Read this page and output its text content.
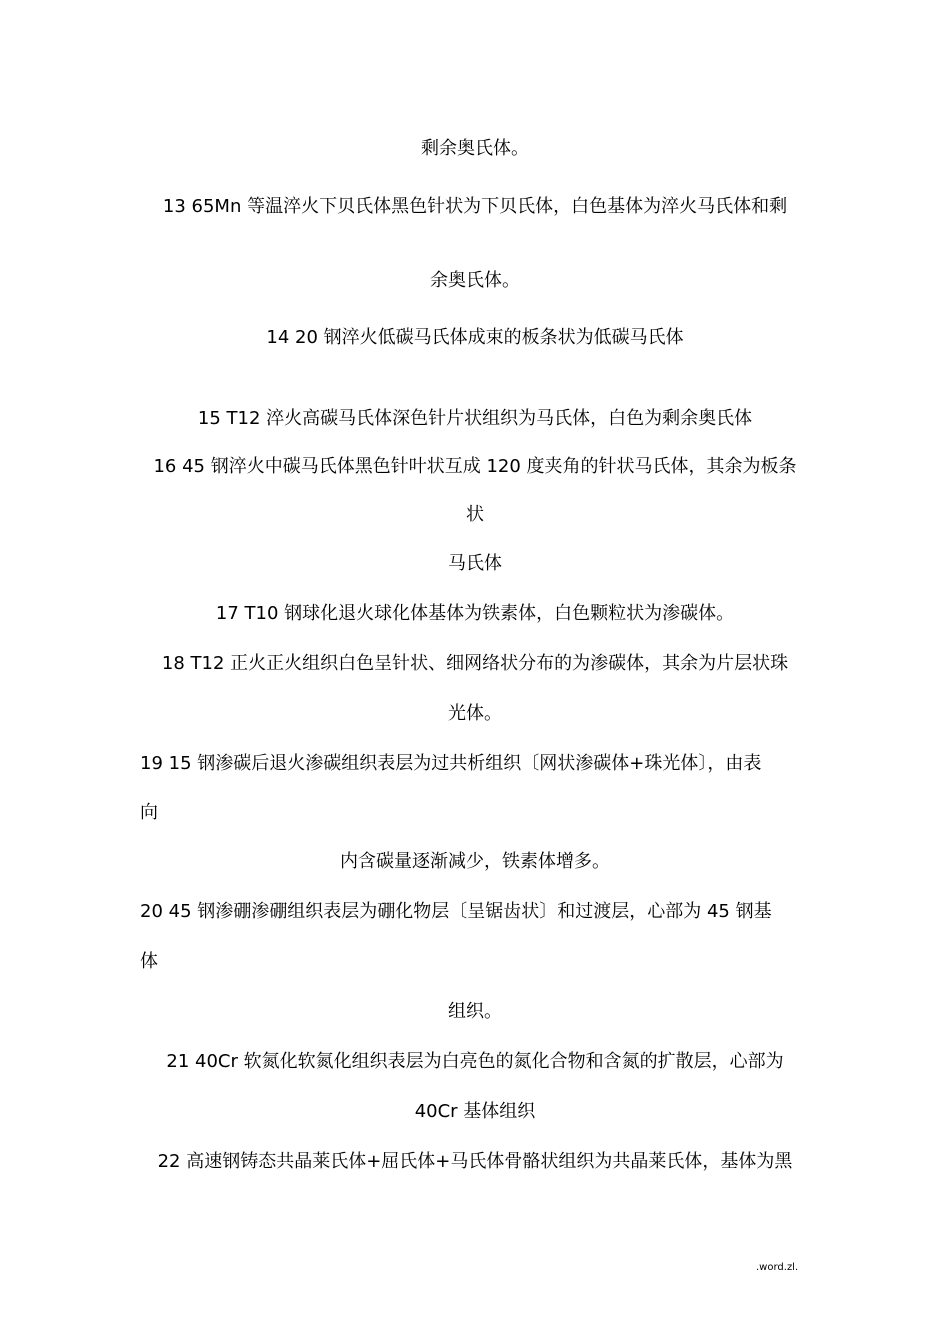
剩余奥氏体。
13 65Mn 等温淬火下贝氏体黑色针状为下贝氏体，白色基体为淬火马氏体和剩
余奥氏体。
14 20 钢淬火低碳马氏体成束的板条状为低碳马氏体
15 T12 淬火高碳马氏体深色针片状组织为马氏体，白色为剩余奥氏体
16 45 钢淬火中碳马氏体黑色针叶状互成 120 度夹角的针状马氏体，其余为板条
状
马氏体
17 T10 钢球化退火球化体基体为铁素体，白色颗粒状为渗碳体。
18 T12 正火正火组织白色呈针状、细网络状分布的为渗碳体，其余为片层状珠
光体。
19 15 钢渗碳后退火渗碳组织表层为过共析组织〔网状渗碳体+珠光体〕，由表
向
内含碳量逐渐减少，铁素体增多。
20 45 钢渗硼渗硼组织表层为硼化物层〔呈锯齿状〕和过渡层，心部为 45 钢基
体
组织。
21 40Cr 软氮化软氮化组织表层为白亮色的氮化合物和含氮的扩散层，心部为
40Cr 基体组织
22 高速钢铸态共晶莱氏体+屈氏体+马氏体骨骼状组织为共晶莱氏体，基体为黑
.word.zl.
